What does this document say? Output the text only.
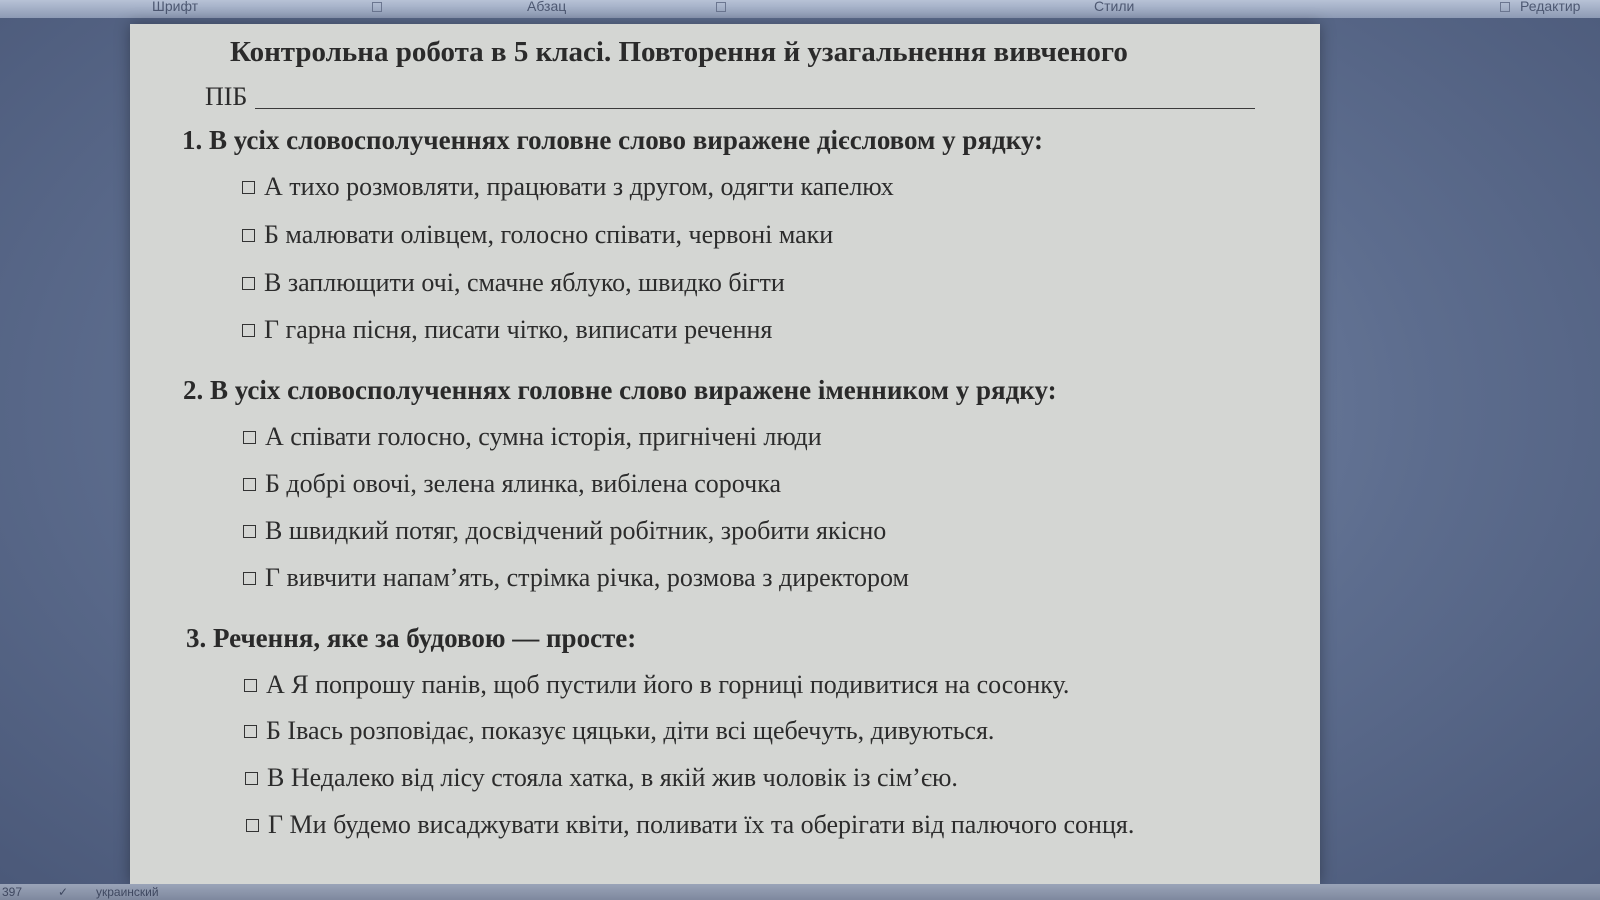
Шрифт	Абзац	Стили	Редактир
Контрольна робота в 5 класі. Повторення й узагальнення вивченого
ПІБ
1. В усіх словосполученнях головне слово виражене дієсловом у рядку:
А тихо розмовляти, працювати з другом, одягти капелюх
Б малювати олівцем, голосно співати, червоні маки
В заплющити очі, смачне яблуко, швидко бігти
Г гарна пісня, писати чітко, виписати речення
2. В усіх словосполученнях головне слово виражене іменником у рядку:
А співати голосно, сумна історія, пригнічені люди
Б добрі овочі, зелена ялинка, вибілена сорочка
В швидкий потяг, досвідчений робітник, зробити якісно
Г вивчити напам’ять, стрімка річка, розмова з директором
3. Речення, яке за будовою — просте:
А Я попрошу панів, щоб пустили його в горниці подивитися на сосонку.
Б Івась розповідає, показує цяцьки, діти всі щебечуть, дивуються.
В Недалеко від лісу стояла хатка, в якій жив чоловік із сім’єю.
Г Ми будемо висаджувати квіти, поливати їх та оберігати від палючого сонця.
397	✓ украинский
